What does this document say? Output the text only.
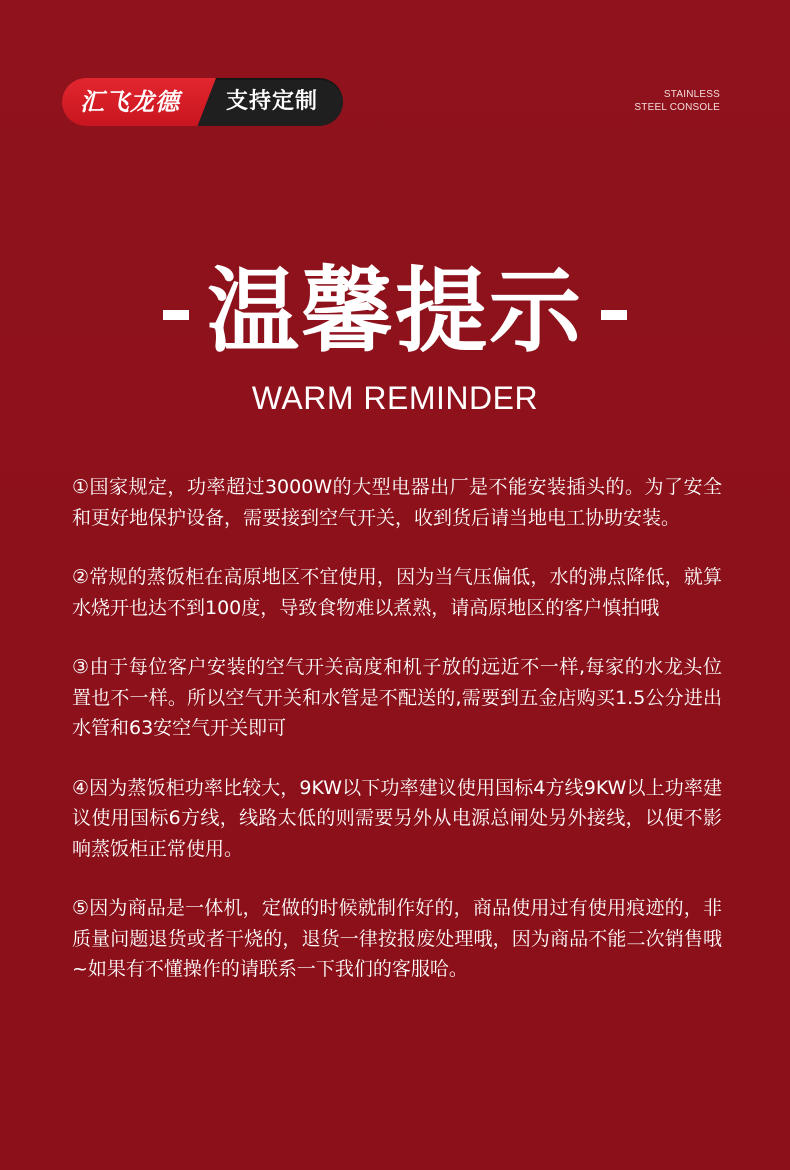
汇飞龙德 支持定制	STAINLESS
STEEL CONSOLE
温馨提示
WARM REMINDER

①国家规定，功率超过3000W的大型电器出厂是不能安装插头的。为了安全和更好地保护设备，需要接到空气开关，收到货后请当地电工协助安装。

②常规的蒸饭柜在高原地区不宜使用，因为当气压偏低，水的沸点降低，就算水烧开也达不到100度，导致食物难以煮熟，请高原地区的客户慎拍哦

③由于每位客户安装的空气开关高度和机子放的远近不一样,每家的水龙头位置也不一样。所以空气开关和水管是不配送的,需要到五金店购买1.5公分进出水管和63安空气开关即可

④因为蒸饭柜功率比较大，9KW以下功率建议使用国标4方线9KW以上功率建议使用国标6方线，线路太低的则需要另外从电源总闸处另外接线，以便不影响蒸饭柜正常使用。

⑤因为商品是一体机，定做的时候就制作好的，商品使用过有使用痕迹的，非质量问题退货或者干烧的，退货一律按报废处理哦，因为商品不能二次销售哦~如果有不懂操作的请联系一下我们的客服哈。
